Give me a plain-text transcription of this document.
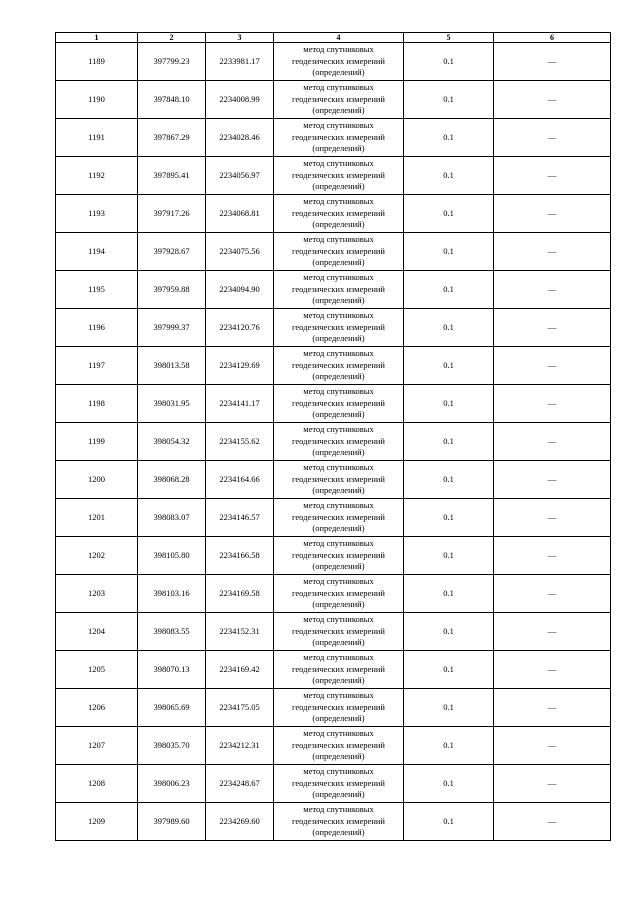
1	2	3	4	5	6
1189	397799.23	2233981.17	метод спутниковых
геодезических измерений
(определений)	0.1	—
1190	397848.10	2234008.99	метод спутниковых
геодезических измерений
(определений)	0.1	—
1191	397867.29	2234028.46	метод спутниковых
геодезических измерений
(определений)	0.1	—
1192	397895.41	2234056.97	метод спутниковых
геодезических измерений
(определений)	0.1	—
1193	397917.26	2234068.81	метод спутниковых
геодезических измерений
(определений)	0.1	—
1194	397928.67	2234075.56	метод спутниковых
геодезических измерений
(определений)	0.1	—
1195	397959.88	2234094.90	метод спутниковых
геодезических измерений
(определений)	0.1	—
1196	397999.37	2234120.76	метод спутниковых
геодезических измерений
(определений)	0.1	—
1197	398013.58	2234129.69	метод спутниковых
геодезических измерений
(определений)	0.1	—
1198	398031.95	2234141.17	метод спутниковых
геодезических измерений
(определений)	0.1	—
1199	398054.32	2234155.62	метод спутниковых
геодезических измерений
(определений)	0.1	—
1200	398068.28	2234164.66	метод спутниковых
геодезических измерений
(определений)	0.1	—
1201	398083.07	2234146.57	метод спутниковых
геодезических измерений
(определений)	0.1	—
1202	398105.80	2234166.58	метод спутниковых
геодезических измерений
(определений)	0.1	—
1203	398103.16	2234169.58	метод спутниковых
геодезических измерений
(определений)	0.1	—
1204	398083.55	2234152.31	метод спутниковых
геодезических измерений
(определений)	0.1	—
1205	398070.13	2234169.42	метод спутниковых
геодезических измерений
(определений)	0.1	—
1206	398065.69	2234175.05	метод спутниковых
геодезических измерений
(определений)	0.1	—
1207	398035.70	2234212.31	метод спутниковых
геодезических измерений
(определений)	0.1	—
1208	398006.23	2234248.67	метод спутниковых
геодезических измерений
(определений)	0.1	—
1209	397989.60	2234269.60	метод спутниковых
геодезических измерений
(определений)	0.1	—
